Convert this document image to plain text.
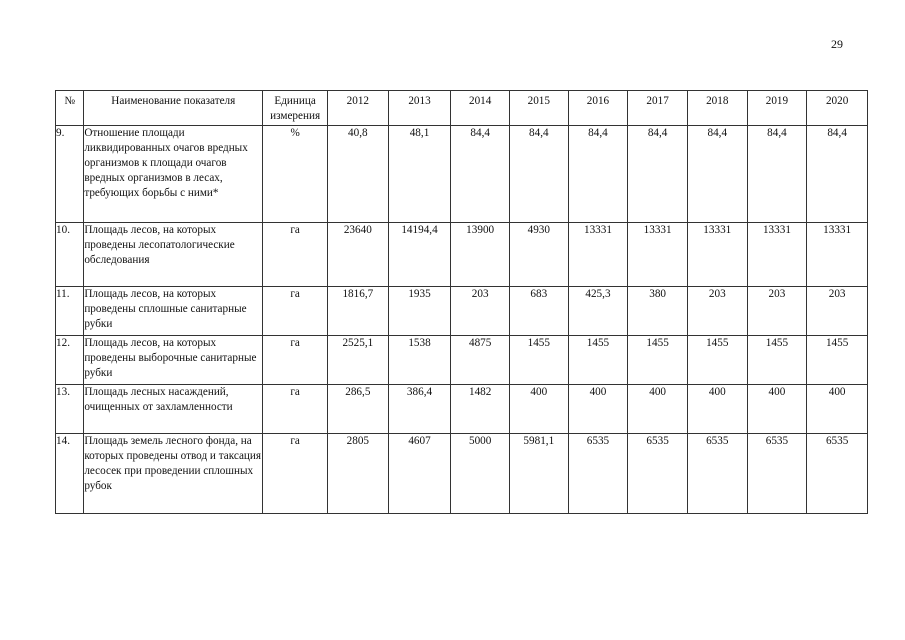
29
№	Наименование показателя	Единица измерения	2012	2013	2014	2015	2016	2017	2018	2019	2020
9.	Отношение площади ликвидированных очагов вредных организмов к площади очагов вредных организмов в лесах, требующих борьбы с ними*	%	40,8	48,1	84,4	84,4	84,4	84,4	84,4	84,4	84,4
10.	Площадь лесов, на которых проведены лесопатологические обследования	га	23640	14194,4	13900	4930	13331	13331	13331	13331	13331
11.	Площадь лесов, на которых проведены сплошные санитарные рубки	га	1816,7	1935	203	683	425,3	380	203	203	203
12.	Площадь лесов, на которых проведены выборочные санитарные рубки	га	2525,1	1538	4875	1455	1455	1455	1455	1455	1455
13.	Площадь лесных насаждений, очищенных от захламленности	га	286,5	386,4	1482	400	400	400	400	400	400
14.	Площадь земель лесного фонда, на которых проведены отвод и таксация лесосек при проведении сплошных рубок	га	2805	4607	5000	5981,1	6535	6535	6535	6535	6535
